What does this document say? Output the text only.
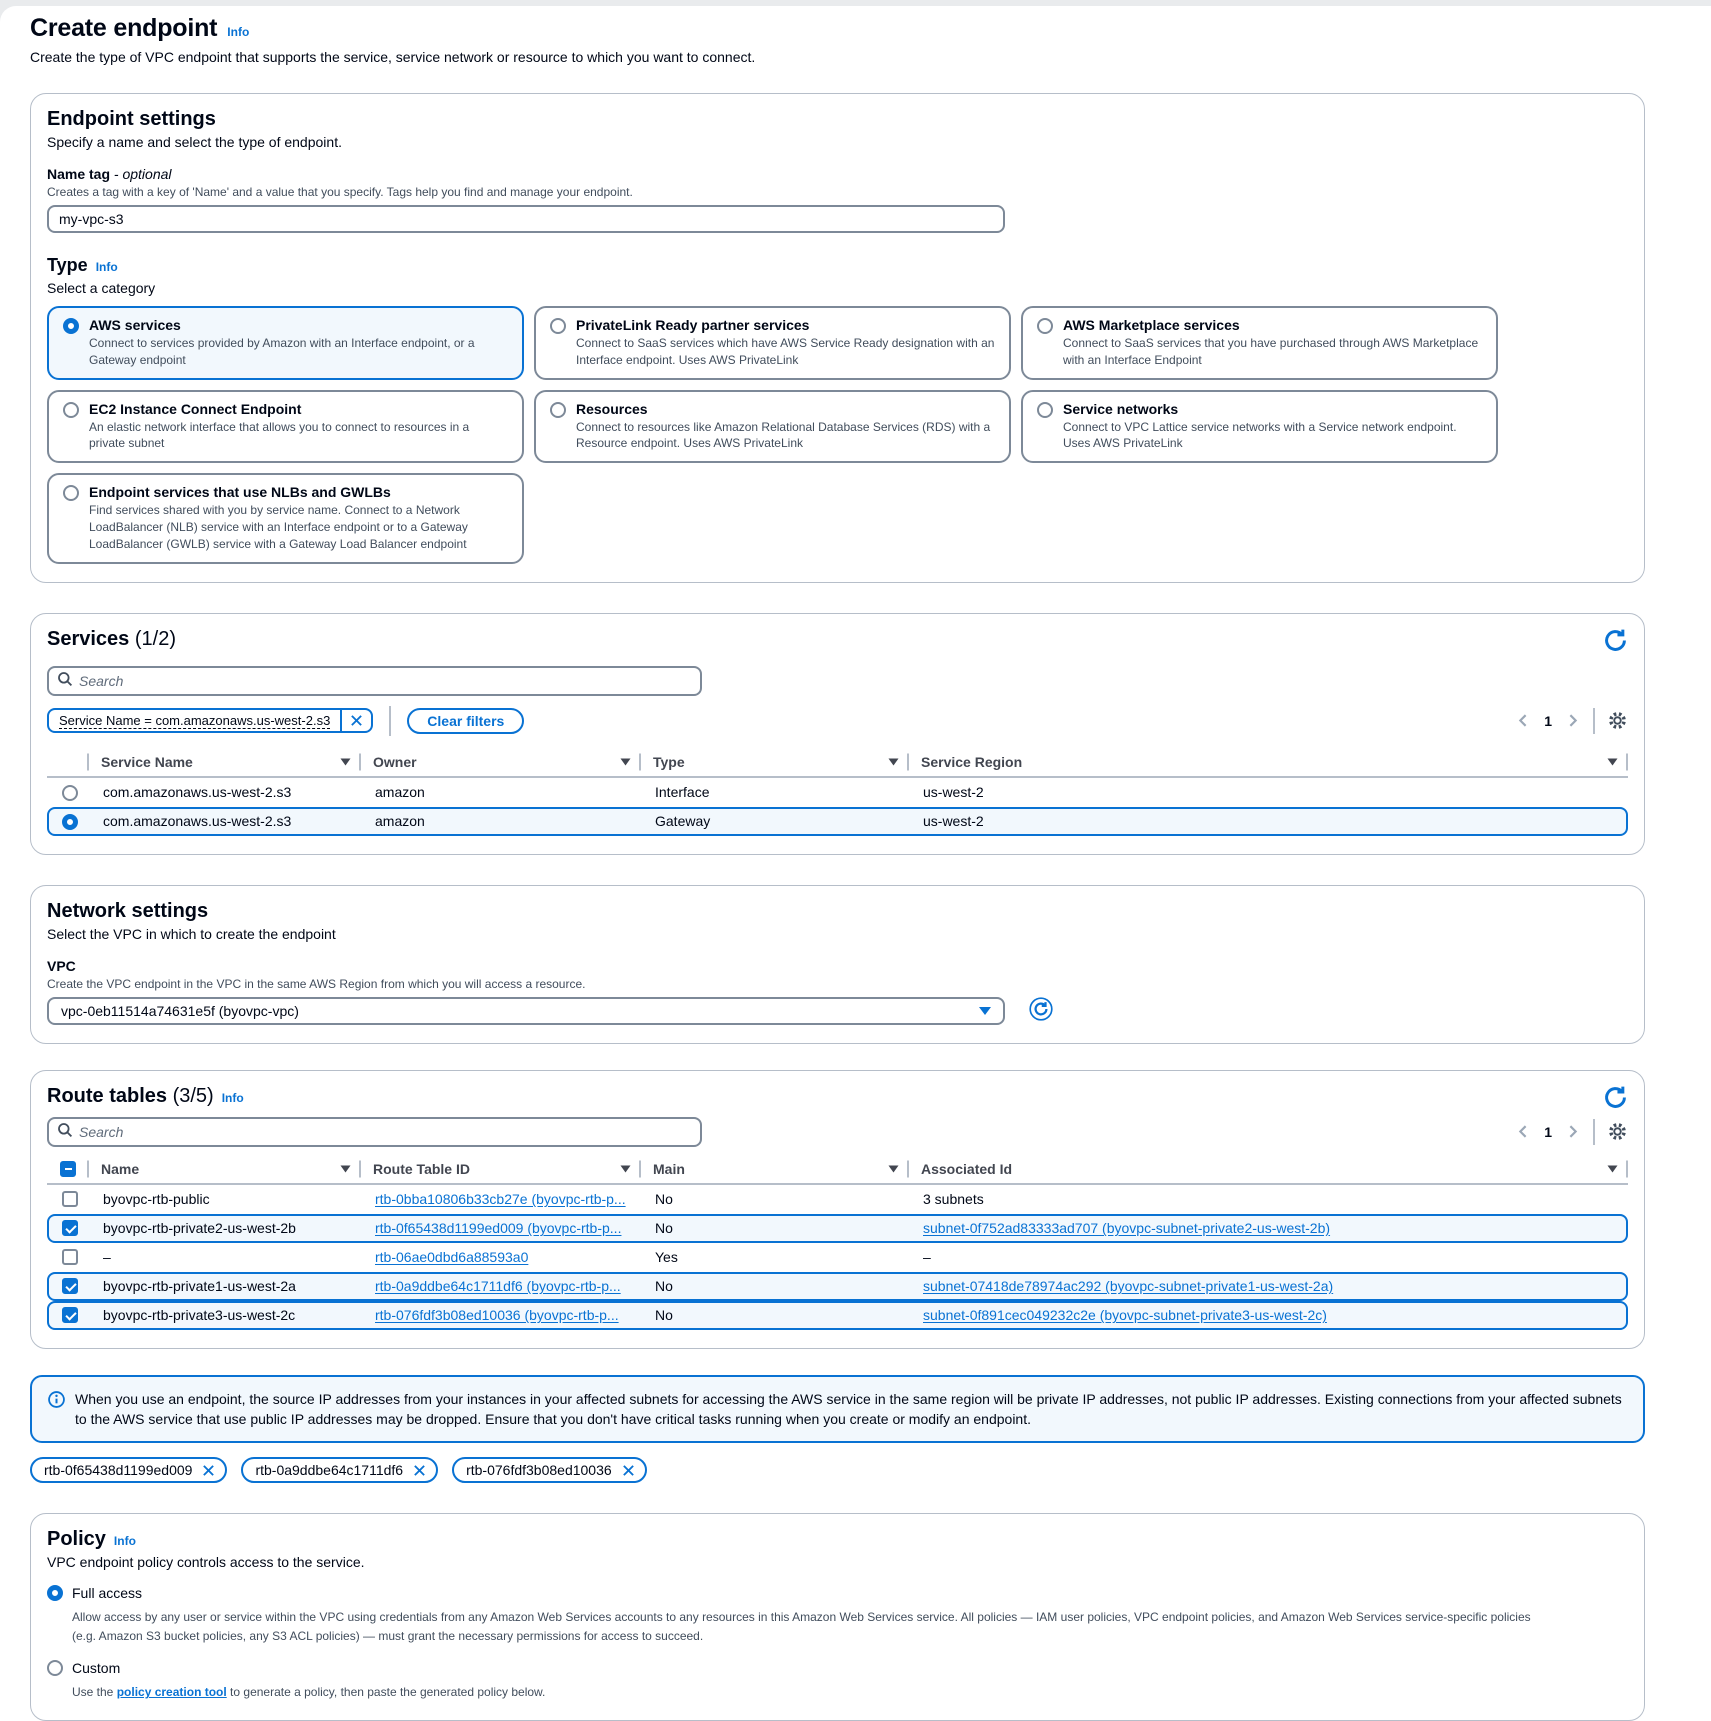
Create endpoint Info

Create the type of VPC endpoint that supports the service, service network or resource to which you want to connect.

Endpoint settings

Specify a name and select the type of endpoint.

Name tag - optional

Creates a tag with a key of 'Name' and a value that you specify. Tags help you find and manage your endpoint.

my-vpc-s3
Type Info

Select a category

AWS services
Connect to services provided by Amazon with an Interface endpoint, or a Gateway endpoint
PrivateLink Ready partner services
Connect to SaaS services which have AWS Service Ready designation with an Interface endpoint. Uses AWS PrivateLink
AWS Marketplace services
Connect to SaaS services that you have purchased through AWS Marketplace with an Interface Endpoint
EC2 Instance Connect Endpoint
An elastic network interface that allows you to connect to resources in a private subnet
Resources
Connect to resources like Amazon Relational Database Services (RDS) with a Resource endpoint. Uses AWS PrivateLink
Service networks
Connect to VPC Lattice service networks with a Service network endpoint. Uses AWS PrivateLink
Endpoint services that use NLBs and GWLBs
Find services shared with you by service name. Connect to a Network LoadBalancer (NLB) service with an Interface endpoint or to a Gateway LoadBalancer (GWLB) service with a Gateway Load Balancer endpoint
Services (1/2)
Search
Service Name = com.amazonaws.us-west-2.s3	Clear filters	1
Service Name	Owner	Type	Service Region
com.amazonaws.us-west-2.s3	amazon	Interface	us-west-2
com.amazonaws.us-west-2.s3	amazon	Gateway	us-west-2
Network settings

Select the VPC in which to create the endpoint

VPC

Create the VPC endpoint in the VPC in the same AWS Region from which you will access a resource.

vpc-0eb11514a74631e5f (byovpc-vpc)
Route tables (3/5) Info
Search
1
Name	Route Table ID	Main	Associated Id
byovpc-rtb-public	rtb-0bba10806b33cb27e (byovpc-rtb-p...	No	3 subnets
byovpc-rtb-private2-us-west-2b	rtb-0f65438d1199ed009 (byovpc-rtb-p...	No	subnet-0f752ad83333ad707 (byovpc-subnet-private2-us-west-2b)
–	rtb-06ae0dbd6a88593a0	Yes	–
byovpc-rtb-private1-us-west-2a	rtb-0a9ddbe64c1711df6 (byovpc-rtb-p...	No	subnet-07418de78974ac292 (byovpc-subnet-private1-us-west-2a)
byovpc-rtb-private3-us-west-2c	rtb-076fdf3b08ed10036 (byovpc-rtb-p...	No	subnet-0f891cec049232c2e (byovpc-subnet-private3-us-west-2c)

When you use an endpoint, the source IP addresses from your instances in your affected subnets for accessing the AWS service in the same region will be private IP addresses, not public IP addresses. Existing connections from your affected subnets to the AWS service that use public IP addresses may be dropped. Ensure that you don't have critical tasks running when you create or modify an endpoint.

rtb-0f65438d1199ed009	rtb-0a9ddbe64c1711df6	rtb-076fdf3b08ed10036
Policy Info

VPC endpoint policy controls access to the service.

Full access

Allow access by any user or service within the VPC using credentials from any Amazon Web Services accounts to any resources in this Amazon Web Services service. All policies — IAM user policies, VPC endpoint policies, and Amazon Web Services service-specific policies (e.g. Amazon S3 bucket policies, any S3 ACL policies) — must grant the necessary permissions for access to succeed.

Custom

Use the policy creation tool to generate a policy, then paste the generated policy below.
